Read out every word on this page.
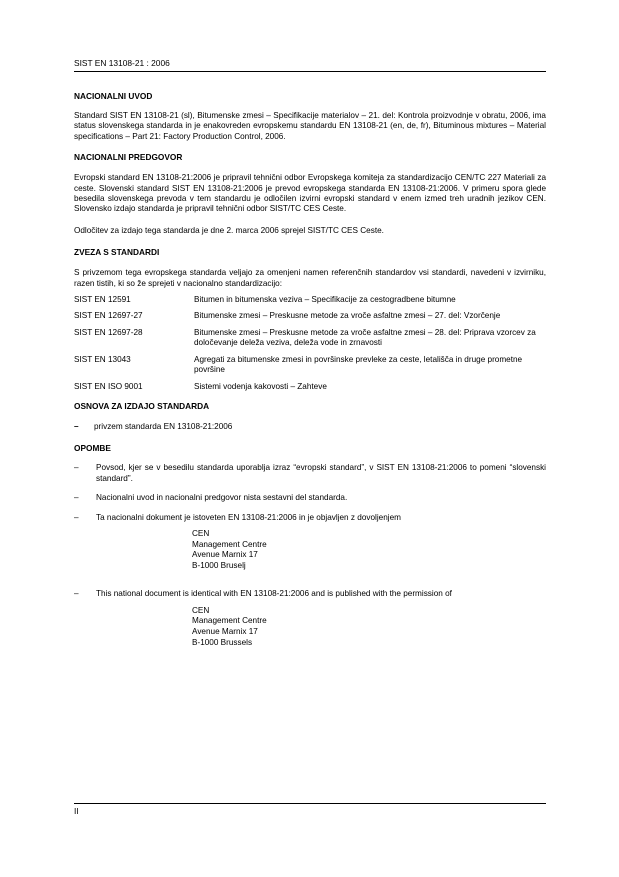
SIST EN 13108-21 : 2006
NACIONALNI UVOD

Standard SIST EN 13108-21 (sl), Bitumenske zmesi – Specifikacije materialov – 21. del: Kontrola proizvodnje v obratu, 2006, ima status slovenskega standarda in je enakovreden evropskemu standardu EN 13108-21 (en, de, fr), Bituminous mixtures – Material specifications – Part 21: Factory Production Control, 2006.

NACIONALNI PREDGOVOR

Evropski standard EN 13108-21:2006 je pripravil tehnični odbor Evropskega komiteja za standardizacijo CEN/TC 227 Materiali za ceste. Slovenski standard SIST EN 13108-21:2006 je prevod evropskega standarda EN 13108-21:2006. V primeru spora glede besedila slovenskega prevoda v tem standardu je odločilen izvirni evropski standard v enem izmed treh uradnih jezikov CEN. Slovensko izdajo standarda je pripravil tehnični odbor SIST/TC CES Ceste.

Odločitev za izdajo tega standarda je dne 2. marca 2006 sprejel SIST/TC CES Ceste.

ZVEZA S STANDARDI

S privzemom tega evropskega standarda veljajo za omenjeni namen referenčnih standardov vsi standardi, navedeni v izvirniku, razen tistih, ki so že sprejeti v nacionalno standardizacijo:

SIST EN 12591	Bitumen in bitumenska veziva – Specifikacije za cestogradbene bitumne
SIST EN 12697-27	Bitumenske zmesi – Preskusne metode za vroče asfaltne zmesi – 27. del: Vzorčenje
SIST EN 12697-28	Bitumenske zmesi – Preskusne metode za vroče asfaltne zmesi – 28. del: Priprava vzorcev za določevanje deleža veziva, deleža vode in zrnavosti
SIST EN 13043	Agregati za bitumenske zmesi in površinske prevleke za ceste, letališča in druge prometne površine
SIST EN ISO 9001	Sistemi vodenja kakovosti – Zahteve
OSNOVA ZA IZDAJO STANDARDA
–	privzem standarda EN 13108-21:2006
OPOMBE
–	Povsod, kjer se v besedilu standarda uporablja izraz “evropski standard”, v SIST EN 13108-21:2006 to pomeni “slovenski standard”.
–	Nacionalni uvod in nacionalni predgovor nista sestavni del standarda.
–	Ta nacionalni dokument je istoveten EN 13108-21:2006 in je objavljen z dovoljenjem
CEN
Management Centre
Avenue Marnix 17
B-1000 Bruselj
–	This national document is identical with EN 13108-21:2006 and is published with the permission of
CEN
Management Centre
Avenue Marnix 17
B-1000 Brussels
II
